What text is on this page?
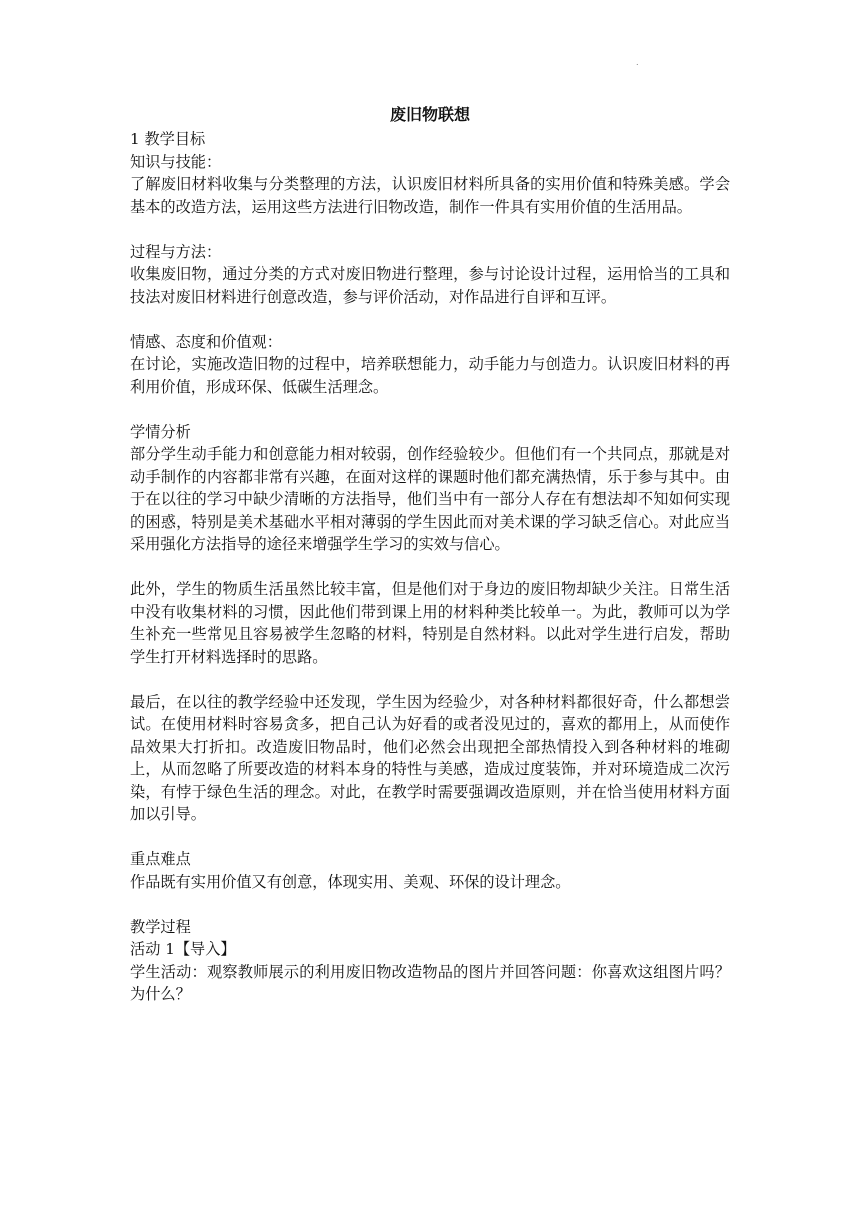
.
废旧物联想
1 教学目标
知识与技能：

了解废旧材料收集与分类整理的方法，认识废旧材料所具备的实用价值和特殊美感。学会基本的改造方法，运用这些方法进行旧物改造，制作一件具有实用价值的生活用品。

过程与方法：

收集废旧物，通过分类的方式对废旧物进行整理，参与讨论设计过程，运用恰当的工具和技法对废旧材料进行创意改造，参与评价活动，对作品进行自评和互评。

情感、态度和价值观：

在讨论，实施改造旧物的过程中，培养联想能力，动手能力与创造力。认识废旧材料的再利用价值，形成环保、低碳生活理念。

学情分析

部分学生动手能力和创意能力相对较弱，创作经验较少。但他们有一个共同点，那就是对动手制作的内容都非常有兴趣，在面对这样的课题时他们都充满热情，乐于参与其中。由于在以往的学习中缺少清晰的方法指导，他们当中有一部分人存在有想法却不知如何实现的困惑，特别是美术基础水平相对薄弱的学生因此而对美术课的学习缺乏信心。对此应当采用强化方法指导的途径来增强学生学习的实效与信心。

此外，学生的物质生活虽然比较丰富，但是他们对于身边的废旧物却缺少关注。日常生活中没有收集材料的习惯，因此他们带到课上用的材料种类比较单一。为此，教师可以为学生补充一些常见且容易被学生忽略的材料，特别是自然材料。以此对学生进行启发，帮助学生打开材料选择时的思路。

最后，在以往的教学经验中还发现，学生因为经验少，对各种材料都很好奇，什么都想尝试。在使用材料时容易贪多，把自己认为好看的或者没见过的，喜欢的都用上，从而使作品效果大打折扣。改造废旧物品时，他们必然会出现把全部热情投入到各种材料的堆砌上，从而忽略了所要改造的材料本身的特性与美感，造成过度装饰，并对环境造成二次污染，有悖于绿色生活的理念。对此，在教学时需要强调改造原则，并在恰当使用材料方面加以引导。

重点难点

作品既有实用价值又有创意，体现实用、美观、环保的设计理念。

教学过程
活动 1【导入】

学生活动：观察教师展示的利用废旧物改造物品的图片并回答问题：你喜欢这组图片吗？为什么？
